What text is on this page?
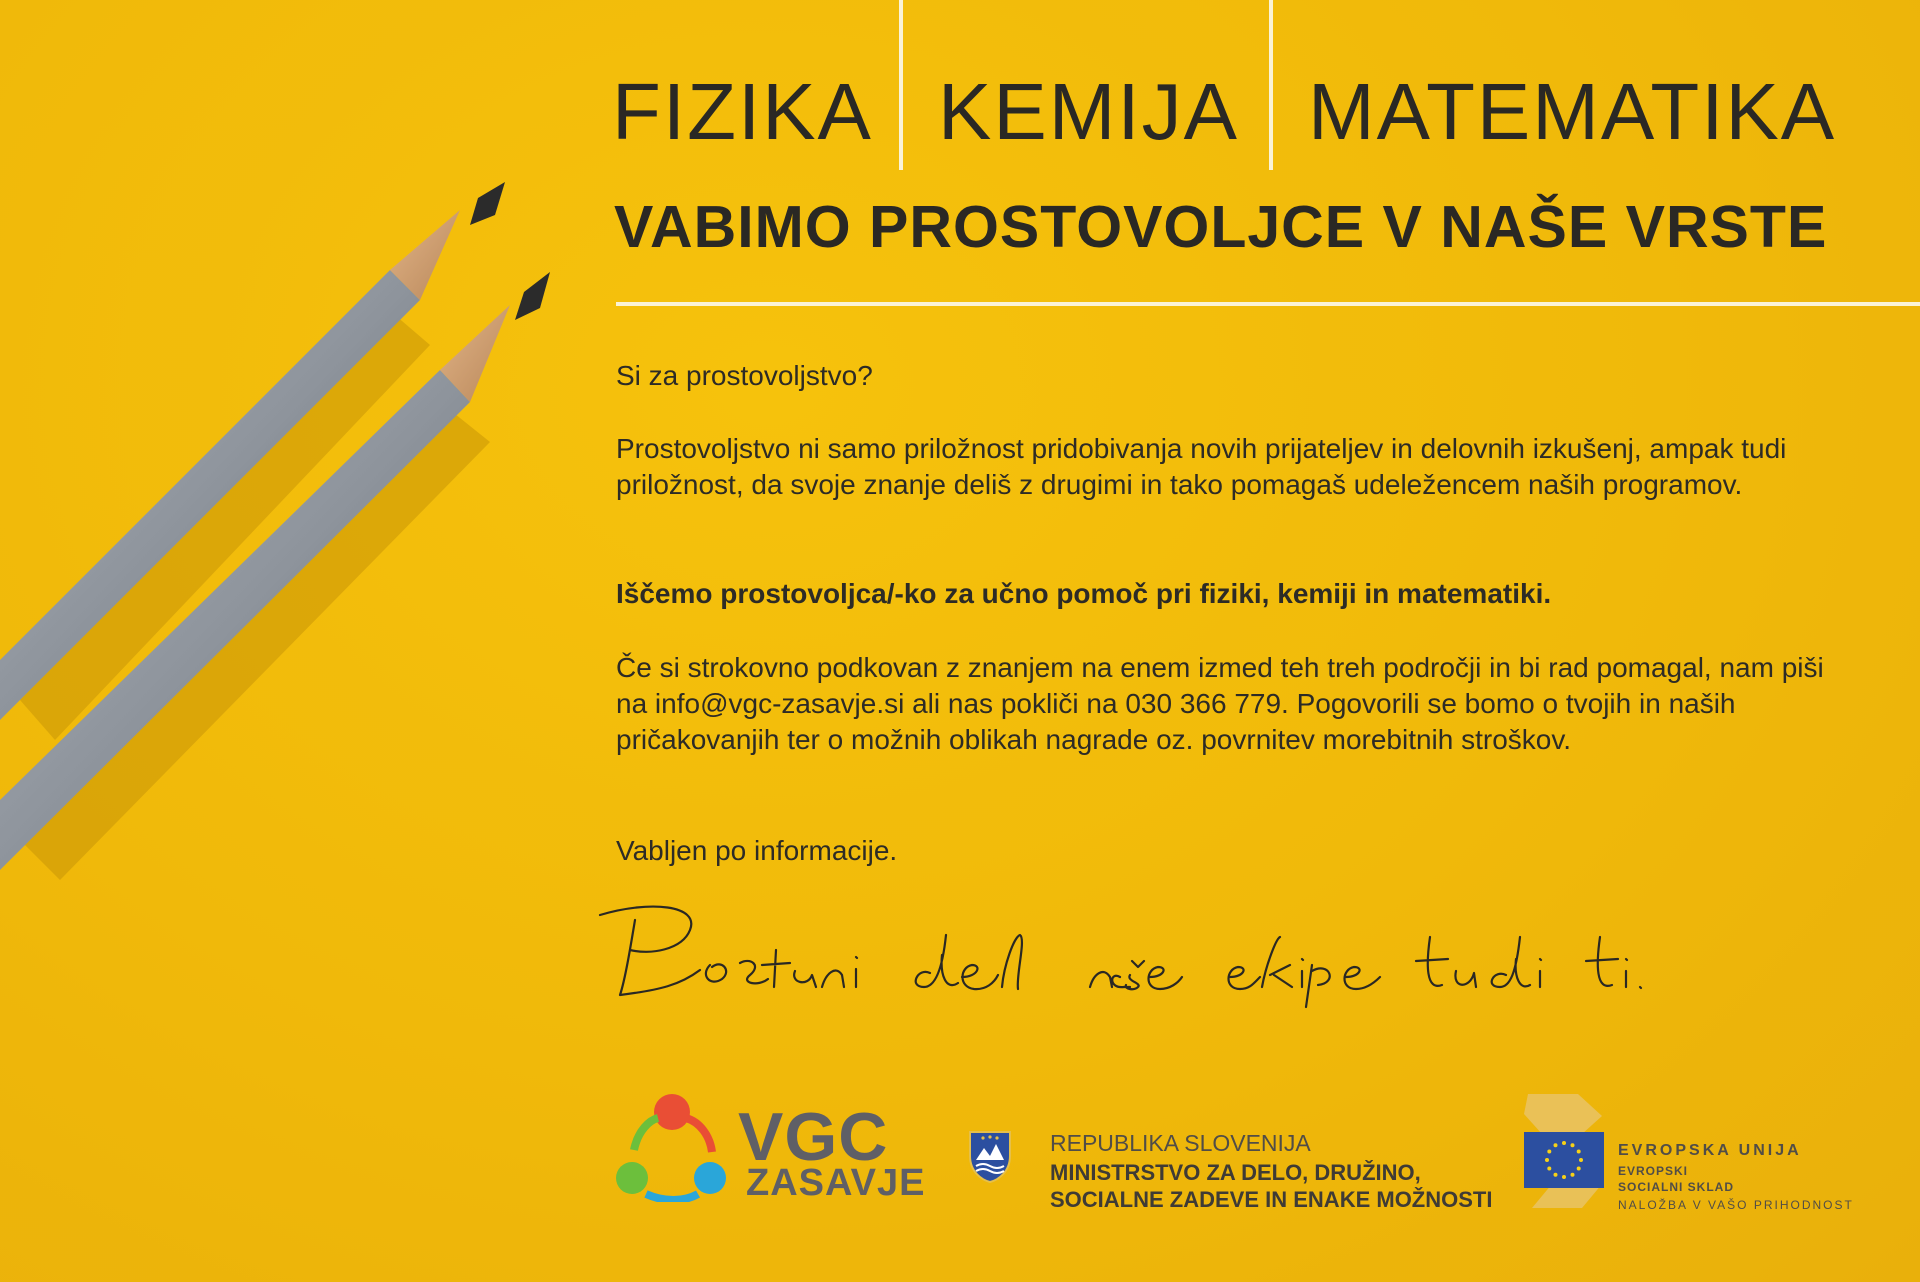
FIZIKA KEMIJA MATEMATIKA
VABIMO PROSTOVOLJCE V NAŠE VRSTE

Si za prostovoljstvo?

Prostovoljstvo ni samo priložnost pridobivanja novih prijateljev in delovnih izkušenj, ampak tudi priložnost, da svoje znanje deliš z drugimi in tako pomagaš udeležencem naših programov.

Iščemo prostovoljca/-ko za učno pomoč pri fiziki, kemiji in matematiki.

Če si strokovno podkovan z znanjem na enem izmed teh treh področji in bi rad pomagal, nam piši na info@vgc-zasavje.si ali nas pokliči na 030 366 779. Pogovorili se bomo o tvojih in naših pričakovanjih ter o možnih oblikah nagrade oz. povrnitev morebitnih stroškov.

Vabljen po informacije.

VGC
ZASAVJE
REPUBLIKA SLOVENIJA
MINISTRSTVO ZA DELO, DRUŽINO,
SOCIALNE ZADEVE IN ENAKE MOŽNOSTI
EVROPSKA UNIJA
EVROPSKI
SOCIALNI SKLAD
NALOŽBA V VAŠO PRIHODNOST
